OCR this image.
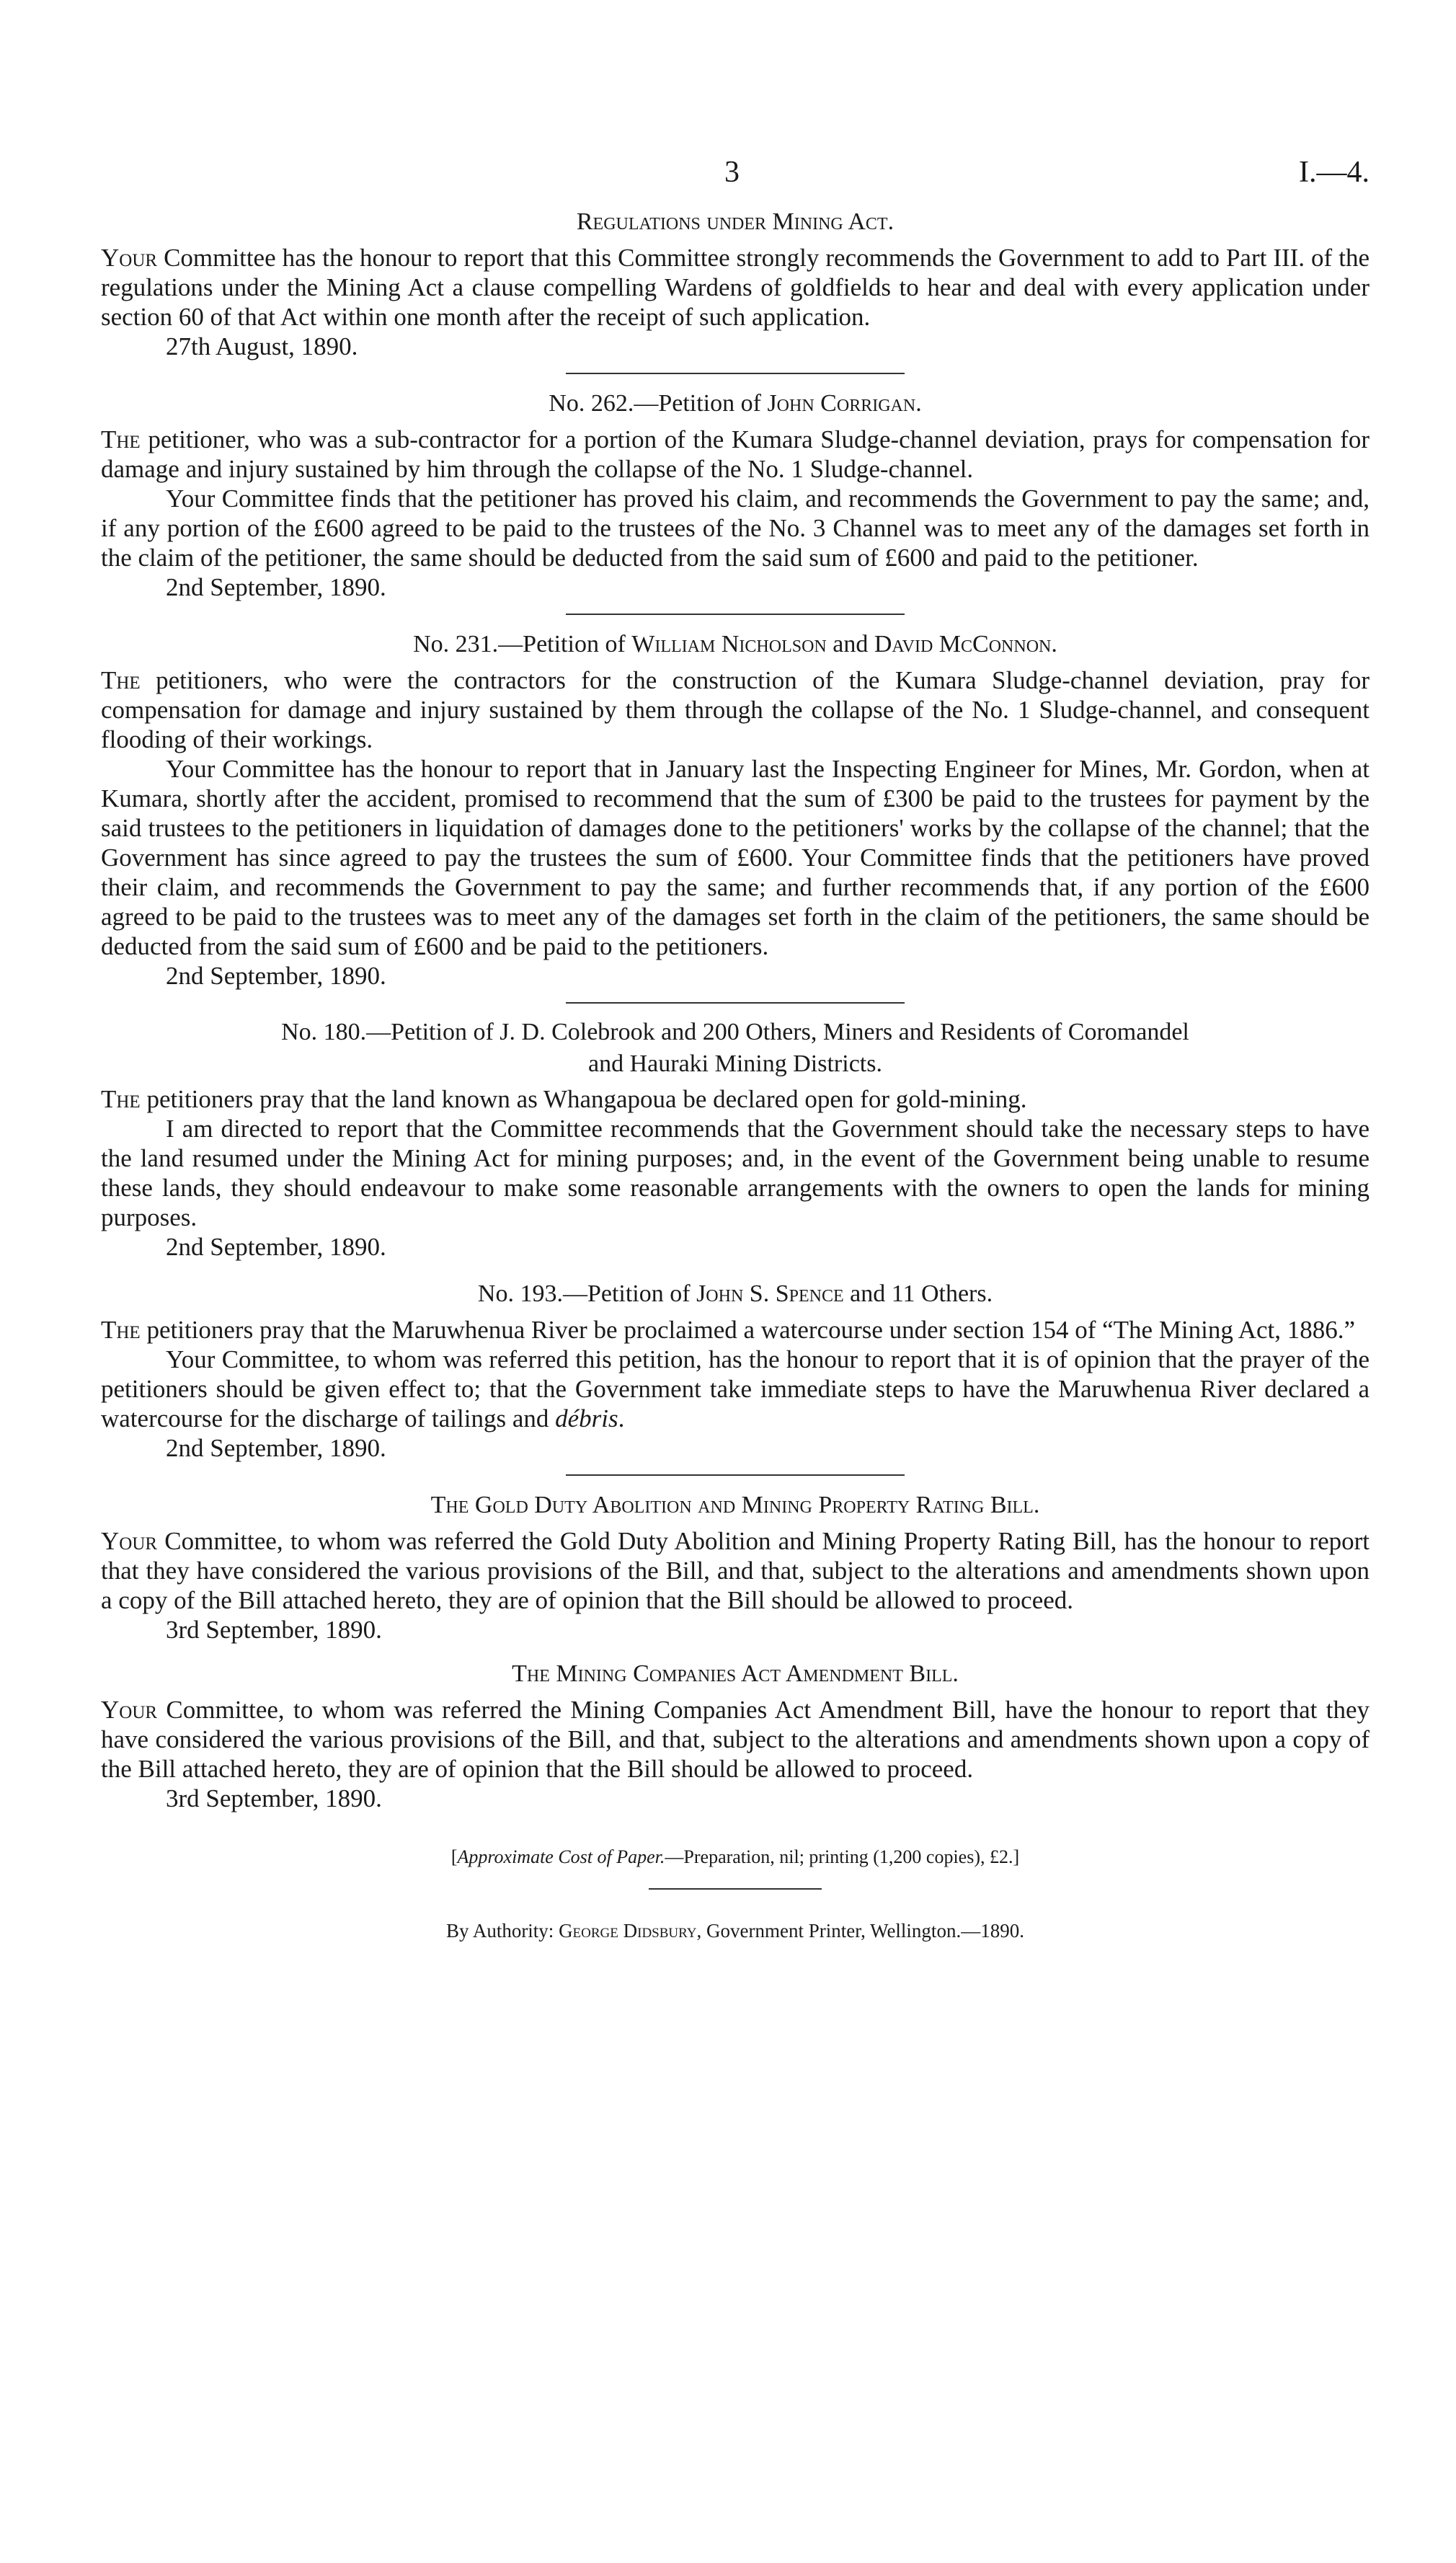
3	I.—4.
Regulations under Mining Act.

Your Committee has the honour to report that this Committee strongly recommends the Government to add to Part III. of the regulations under the Mining Act a clause compelling Wardens of goldfields to hear and deal with every application under section 60 of that Act within one month after the receipt of such application.

27th August, 1890.
No. 262.—Petition of John Corrigan.

The petitioner, who was a sub-contractor for a portion of the Kumara Sludge-channel deviation, prays for compensation for damage and injury sustained by him through the collapse of the No. 1 Sludge-channel.

Your Committee finds that the petitioner has proved his claim, and recommends the Government to pay the same; and, if any portion of the £600 agreed to be paid to the trustees of the No. 3 Channel was to meet any of the damages set forth in the claim of the petitioner, the same should be deducted from the said sum of £600 and paid to the petitioner.

2nd September, 1890.
No. 231.—Petition of William Nicholson and David McConnon.

The petitioners, who were the contractors for the construction of the Kumara Sludge-channel deviation, pray for compensation for damage and injury sustained by them through the collapse of the No. 1 Sludge-channel, and consequent flooding of their workings.

Your Committee has the honour to report that in January last the Inspecting Engineer for Mines, Mr. Gordon, when at Kumara, shortly after the accident, promised to recommend that the sum of £300 be paid to the trustees for payment by the said trustees to the petitioners in liquidation of damages done to the petitioners' works by the collapse of the channel; that the Government has since agreed to pay the trustees the sum of £600. Your Committee finds that the petitioners have proved their claim, and recommends the Government to pay the same; and further recommends that, if any portion of the £600 agreed to be paid to the trustees was to meet any of the damages set forth in the claim of the petitioners, the same should be deducted from the said sum of £600 and be paid to the petitioners.

2nd September, 1890.
No. 180.—Petition of J. D. Colebrook and 200 Others, Miners and Residents of Coromandel
and Hauraki Mining Districts.

The petitioners pray that the land known as Whangapoua be declared open for gold-mining.

I am directed to report that the Committee recommends that the Government should take the necessary steps to have the land resumed under the Mining Act for mining purposes; and, in the event of the Government being unable to resume these lands, they should endeavour to make some reasonable arrangements with the owners to open the lands for mining purposes.

2nd September, 1890.
No. 193.—Petition of John S. Spence and 11 Others.

The petitioners pray that the Maruwhenua River be proclaimed a watercourse under section 154 of “The Mining Act, 1886.”

Your Committee, to whom was referred this petition, has the honour to report that it is of opinion that the prayer of the petitioners should be given effect to; that the Government take immediate steps to have the Maruwhenua River declared a watercourse for the discharge of tailings and débris.

2nd September, 1890.
The Gold Duty Abolition and Mining Property Rating Bill.

Your Committee, to whom was referred the Gold Duty Abolition and Mining Property Rating Bill, has the honour to report that they have considered the various provisions of the Bill, and that, subject to the alterations and amendments shown upon a copy of the Bill attached hereto, they are of opinion that the Bill should be allowed to proceed.

3rd September, 1890.
The Mining Companies Act Amendment Bill.

Your Committee, to whom was referred the Mining Companies Act Amendment Bill, have the honour to report that they have considered the various provisions of the Bill, and that, subject to the alterations and amendments shown upon a copy of the Bill attached hereto, they are of opinion that the Bill should be allowed to proceed.

3rd September, 1890.
[Approximate Cost of Paper.—Preparation, nil; printing (1,200 copies), £2.]
By Authority: George Didsbury, Government Printer, Wellington.—1890.
